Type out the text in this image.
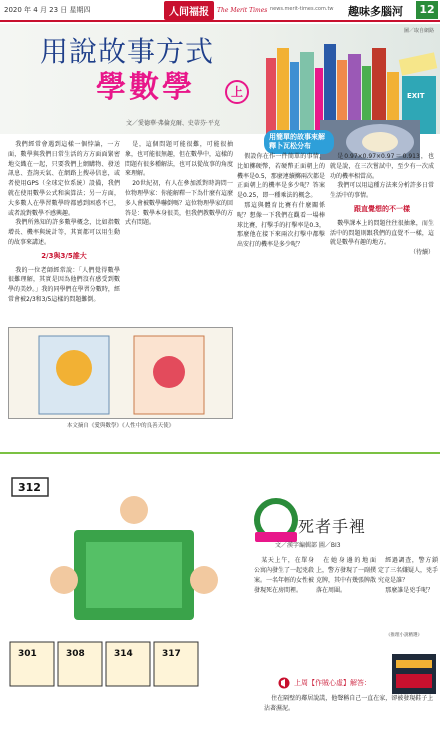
2020 年 4 月 23 日 星期四	人间福报	The Merit Times news.merit-times.com.tw 趣味多腦河	12
用說故事方式
學數學	上
文／愛德華‧弗倫克爾、史蒂芬‧平克
圖／取自網路
EXIT

我們經常會遇到這樣一個悖論，一方面，數學與我們日常生活的方方面面緊密地交織在一起，只要我們上網購物、發送訊息、查詢天氣、在網路上搜尋信息，或者使用GPS（全球定位系統）設備，我們就在使用數學公式和演算法；另一方面，大多數人在學習數學時都感到困惑不已，或者說對數學不感興趣。

我們所熟知的許多數學概念，比如指數增長、機率與統計等，其實都可以用生動的故事來講述。

2/3與3/5誰大

我的一位老師經常說：「人們覺得數學很難理解，其實是因為他們沒有感受到數學的美妙。」我的同學們在學習分數時，經常會被2/3和3/5這樣的問題難倒。

是，這個問題可能很難，可能很抽象，也可能很無趣，但在數學中，這樣的問題有很多種解法，也可以從故事的角度來理解。

20世紀初，有人在參加派對時詢問一位物理學家：你能解釋一下為什麼有這麼多人會被數學嚇倒嗎？這位物理學家的回答是：數學本身很美，但我們教數學的方式有問題。

用簡單的故事來解釋卜瓦松分布

假設你在作一件簡單的事情，比如擲硬幣，若硬幣正面朝上的機率是0.5，那麼連續擲兩次都是正面朝上的機率是多少呢？答案是0.25，即一種乘法的概念。

那這與體育比賽有什麼關係呢？想像一下我們在觀看一場棒球比賽，打擊手的打擊率是0.3，那麼他在接下來兩次打擊中都擊出安打的機率是多少呢？

是0.97×0.97×0.97＝0.913，也就是說，在三次嘗試中，至少有一次成功的機率相當高。

我們可以用這種方法來分析許多日常生活中的事情。

跟直覺想的不一樣

數學課本上的問題往往很抽象，而生活中的問題則跟我們的直覺不一樣，這就是數學有趣的地方。

（待續）

本文摘自《愛與數學》《人性中的良善天使》
312
301	308	314	317
死者手裡
文／漢字編輯部 圖／BI3

某天上午，在單身公寓內發生了一起兇殺案。一名年輕的女性被發現死在房間裡。

在她身邊的地面上，警方發現了一副撲克牌，其中有幾張牌散落在周圍。

經過調查，警方鎖定了三名嫌疑人，兇手究竟是誰？

那麼誰是兇手呢？

《推理小說精選》
上周【作賊心虛】解答：
住在隔壁的鄰居說謊，他聲稱自己一直在家，卻被發現鞋子上沾著濕泥。
